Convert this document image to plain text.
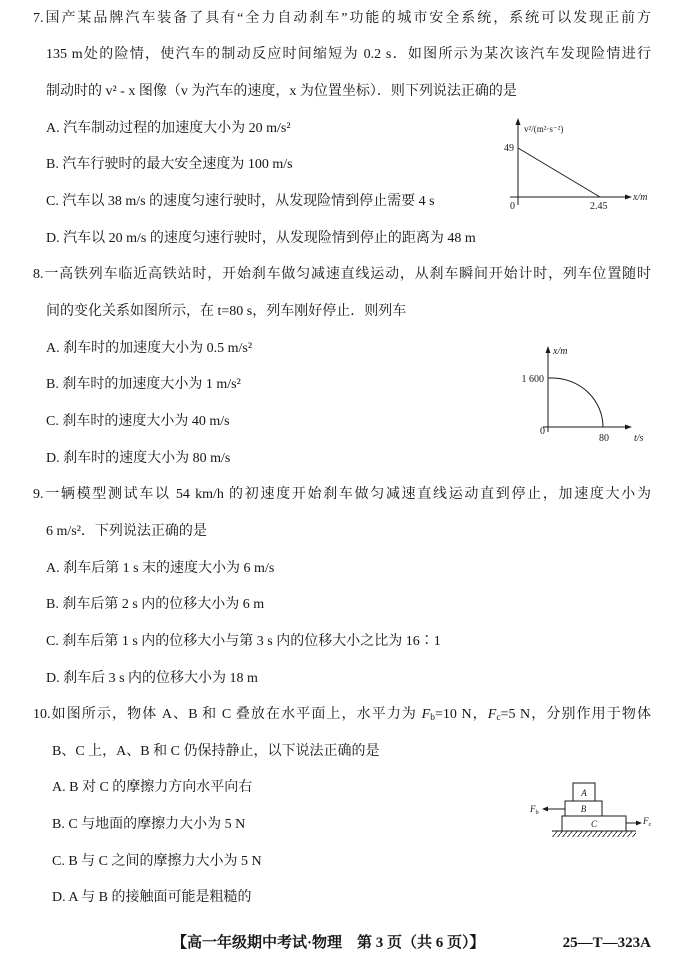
7.国产某品牌汽车装备了具有“全力自动刹车”功能的城市安全系统，系统可以发现正前方
135 m处的险情，使汽车的制动反应时间缩短为 0.2 s．如图所示为某次该汽车发现险情进行
制动时的 v² - x 图像（v 为汽车的速度，x 为位置坐标）．则下列说法正确的是
A. 汽车制动过程的加速度大小为 20 m/s²
B. 汽车行驶时的最大安全速度为 100 m/s
C. 汽车以 38 m/s 的速度匀速行驶时，从发现险情到停止需要 4 s
D. 汽车以 20 m/s 的速度匀速行驶时，从发现险情到停止的距离为 48 m
8.一高铁列车临近高铁站时，开始刹车做匀减速直线运动，从刹车瞬间开始计时，列车位置随时
间的变化关系如图所示，在 t=80 s，列车刚好停止．则列车
A. 刹车时的加速度大小为 0.5 m/s²
B. 刹车时的加速度大小为 1 m/s²
C. 刹车时的速度大小为 40 m/s
D. 刹车时的速度大小为 80 m/s
9.一辆模型测试车以 54 km/h 的初速度开始刹车做匀减速直线运动直到停止，加速度大小为
6 m/s²．下列说法正确的是
A. 刹车后第 1 s 末的速度大小为 6 m/s
B. 刹车后第 2 s 内的位移大小为 6 m
C. 刹车后第 1 s 内的位移大小与第 3 s 内的位移大小之比为 16∶1
D. 刹车后 3 s 内的位移大小为 18 m
10.如图所示，物体 A、B 和 C 叠放在水平面上，水平力为 $F_b=10$ N，$F_c=5$ N，分别作用于物体
B、C 上，A、B 和 C 仍保持静止，以下说法正确的是
A. B 对 C 的摩擦力方向水平向右
B. C 与地面的摩擦力大小为 5 N
C. B 与 C 之间的摩擦力大小为 5 N
D. A 与 B 的接触面可能是粗糙的
v²/(m²·s⁻²)
49
0	2.45
x/m
x/m
1 600
0
80	t/s
A
B
C
$F_b$
$F_c$
【高一年级期中考试·物理　第 3 页（共 6 页）】	25—T—323A
